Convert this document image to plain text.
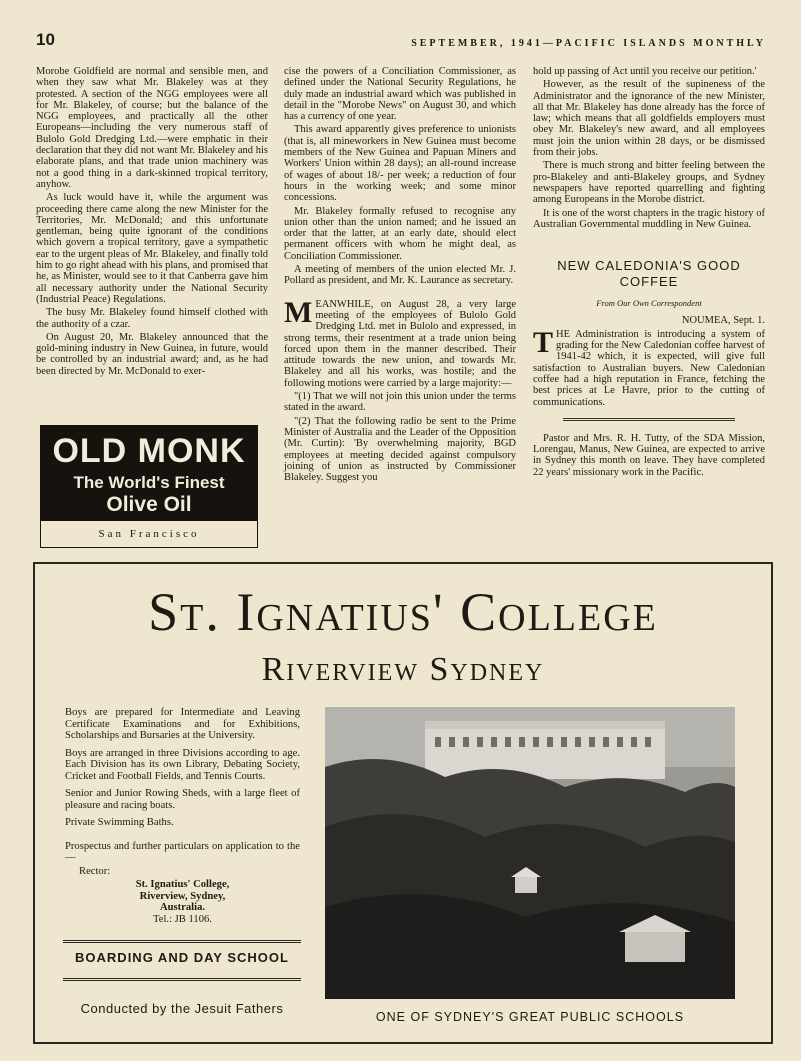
10	SEPTEMBER, 1941—PACIFIC ISLANDS MONTHLY

Morobe Goldfield are normal and sensible men, and when they saw what Mr. Blakeley was at they protested. A section of the NGG employees were all for Mr. Blakeley, of course; but the balance of the NGG employees, and practically all the other Europeans—including the very numerous staff of Bulolo Gold Dredging Ltd.—were emphatic in their declaration that they did not want Mr. Blakeley and his elaborate plans, and that trade union machinery was not a good thing in a dark-skinned tropical territory, anyhow.

As luck would have it, while the argument was proceeding there came along the new Minister for the Territories, Mr. McDonald; and this unfortunate gentleman, being quite ignorant of the conditions which govern a tropical territory, gave a sympathetic ear to the urgent pleas of Mr. Blakeley, and finally told him to go right ahead with his plans, and promised that he, as Minister, would see to it that Canberra gave him all necessary authority under the National Security (Industrial Peace) Regulations.

The busy Mr. Blakeley found himself clothed with the authority of a czar.

On August 20, Mr. Blakeley announced that the gold-mining industry in New Guinea, in future, would be controlled by an industrial award; and, as he had been directed by Mr. McDonald to exer-

OLD MONK
The World's Finest
Olive Oil
San Francisco

cise the powers of a Conciliation Commissioner, as defined under the National Security Regulations, he duly made an industrial award which was published in detail in the "Morobe News" on August 30, and which has a currency of one year.

This award apparently gives preference to unionists (that is, all mineworkers in New Guinea must become members of the New Guinea and Papuan Miners and Workers' Union within 28 days); an all-round increase of wages of about 18/- per week; a reduction of four hours in the working week; and some minor concessions.

Mr. Blakeley formally refused to recognise any union other than the union named; and he issued an order that the latter, at an early date, should elect permanent officers with whom he might deal, as Conciliation Commissioner.

A meeting of members of the union elected Mr. J. Pollard as president, and Mr. K. Laurance as secretary.

MEANWHILE, on August 28, a very large meeting of the employees of Bulolo Gold Dredging Ltd. met in Bulolo and expressed, in strong terms, their resentment at a trade union being forced upon them in the manner described. Their attitude towards the new union, and towards Mr. Blakeley and all his works, was hostile; and the following motions were carried by a large majority:—

"(1) That we will not join this union under the terms stated in the award.

"(2) That the following radio be sent to the Prime Minister of Australia and the Leader of the Opposition (Mr. Curtin): 'By overwhelming majority, BGD employees at meeting decided against compulsory joining of union as instructed by Commissioner Blakeley. Suggest you

hold up passing of Act until you receive our petition.'

However, as the result of the supineness of the Administrator and the ignorance of the new Minister, all that Mr. Blakeley has done already has the force of law; which means that all goldfields employers must obey Mr. Blakeley's new award, and all employees must join the union within 28 days, or be dismissed from their jobs.

There is much strong and bitter feeling between the pro-Blakeley and anti-Blakeley groups, and Sydney newspapers have reported quarrelling and fighting among Europeans in the Morobe district.

It is one of the worst chapters in the tragic history of Australian Governmental muddling in New Guinea.

NEW CALEDONIA'S GOOD COFFEE
From Our Own Correspondent

NOUMEA, Sept. 1.

THE Administration is introducing a system of grading for the New Caledonian coffee harvest of 1941-42 which, it is expected, will give full satisfaction to Australian buyers. New Caledonian coffee had a high reputation in France, fetching the best prices at Le Havre, prior to the cutting of communications.

Pastor and Mrs. R. H. Tutty, of the SDA Mission, Lorengau, Manus, New Guinea, are expected to arrive in Sydney this month on leave. They have completed 22 years' missionary work in the Pacific.

St. Ignatius' College
Riverview Sydney

Boys are prepared for Intermediate and Leaving Certificate Examinations and for Exhibitions, Scholarships and Bursaries at the University.

Boys are arranged in three Divisions according to age. Each Division has its own Library, Debating Society, Cricket and Football Fields, and Tennis Courts.

Senior and Junior Rowing Sheds, with a large fleet of pleasure and racing boats.

Private Swimming Baths.

Prospectus and further particulars on application to the—

Rector:
St. Ignatius' College,
Riverview, Sydney,
Australia.
Tel.: JB 1106.
BOARDING AND DAY SCHOOL
Conducted by the Jesuit Fathers
ONE OF SYDNEY'S GREAT PUBLIC SCHOOLS
